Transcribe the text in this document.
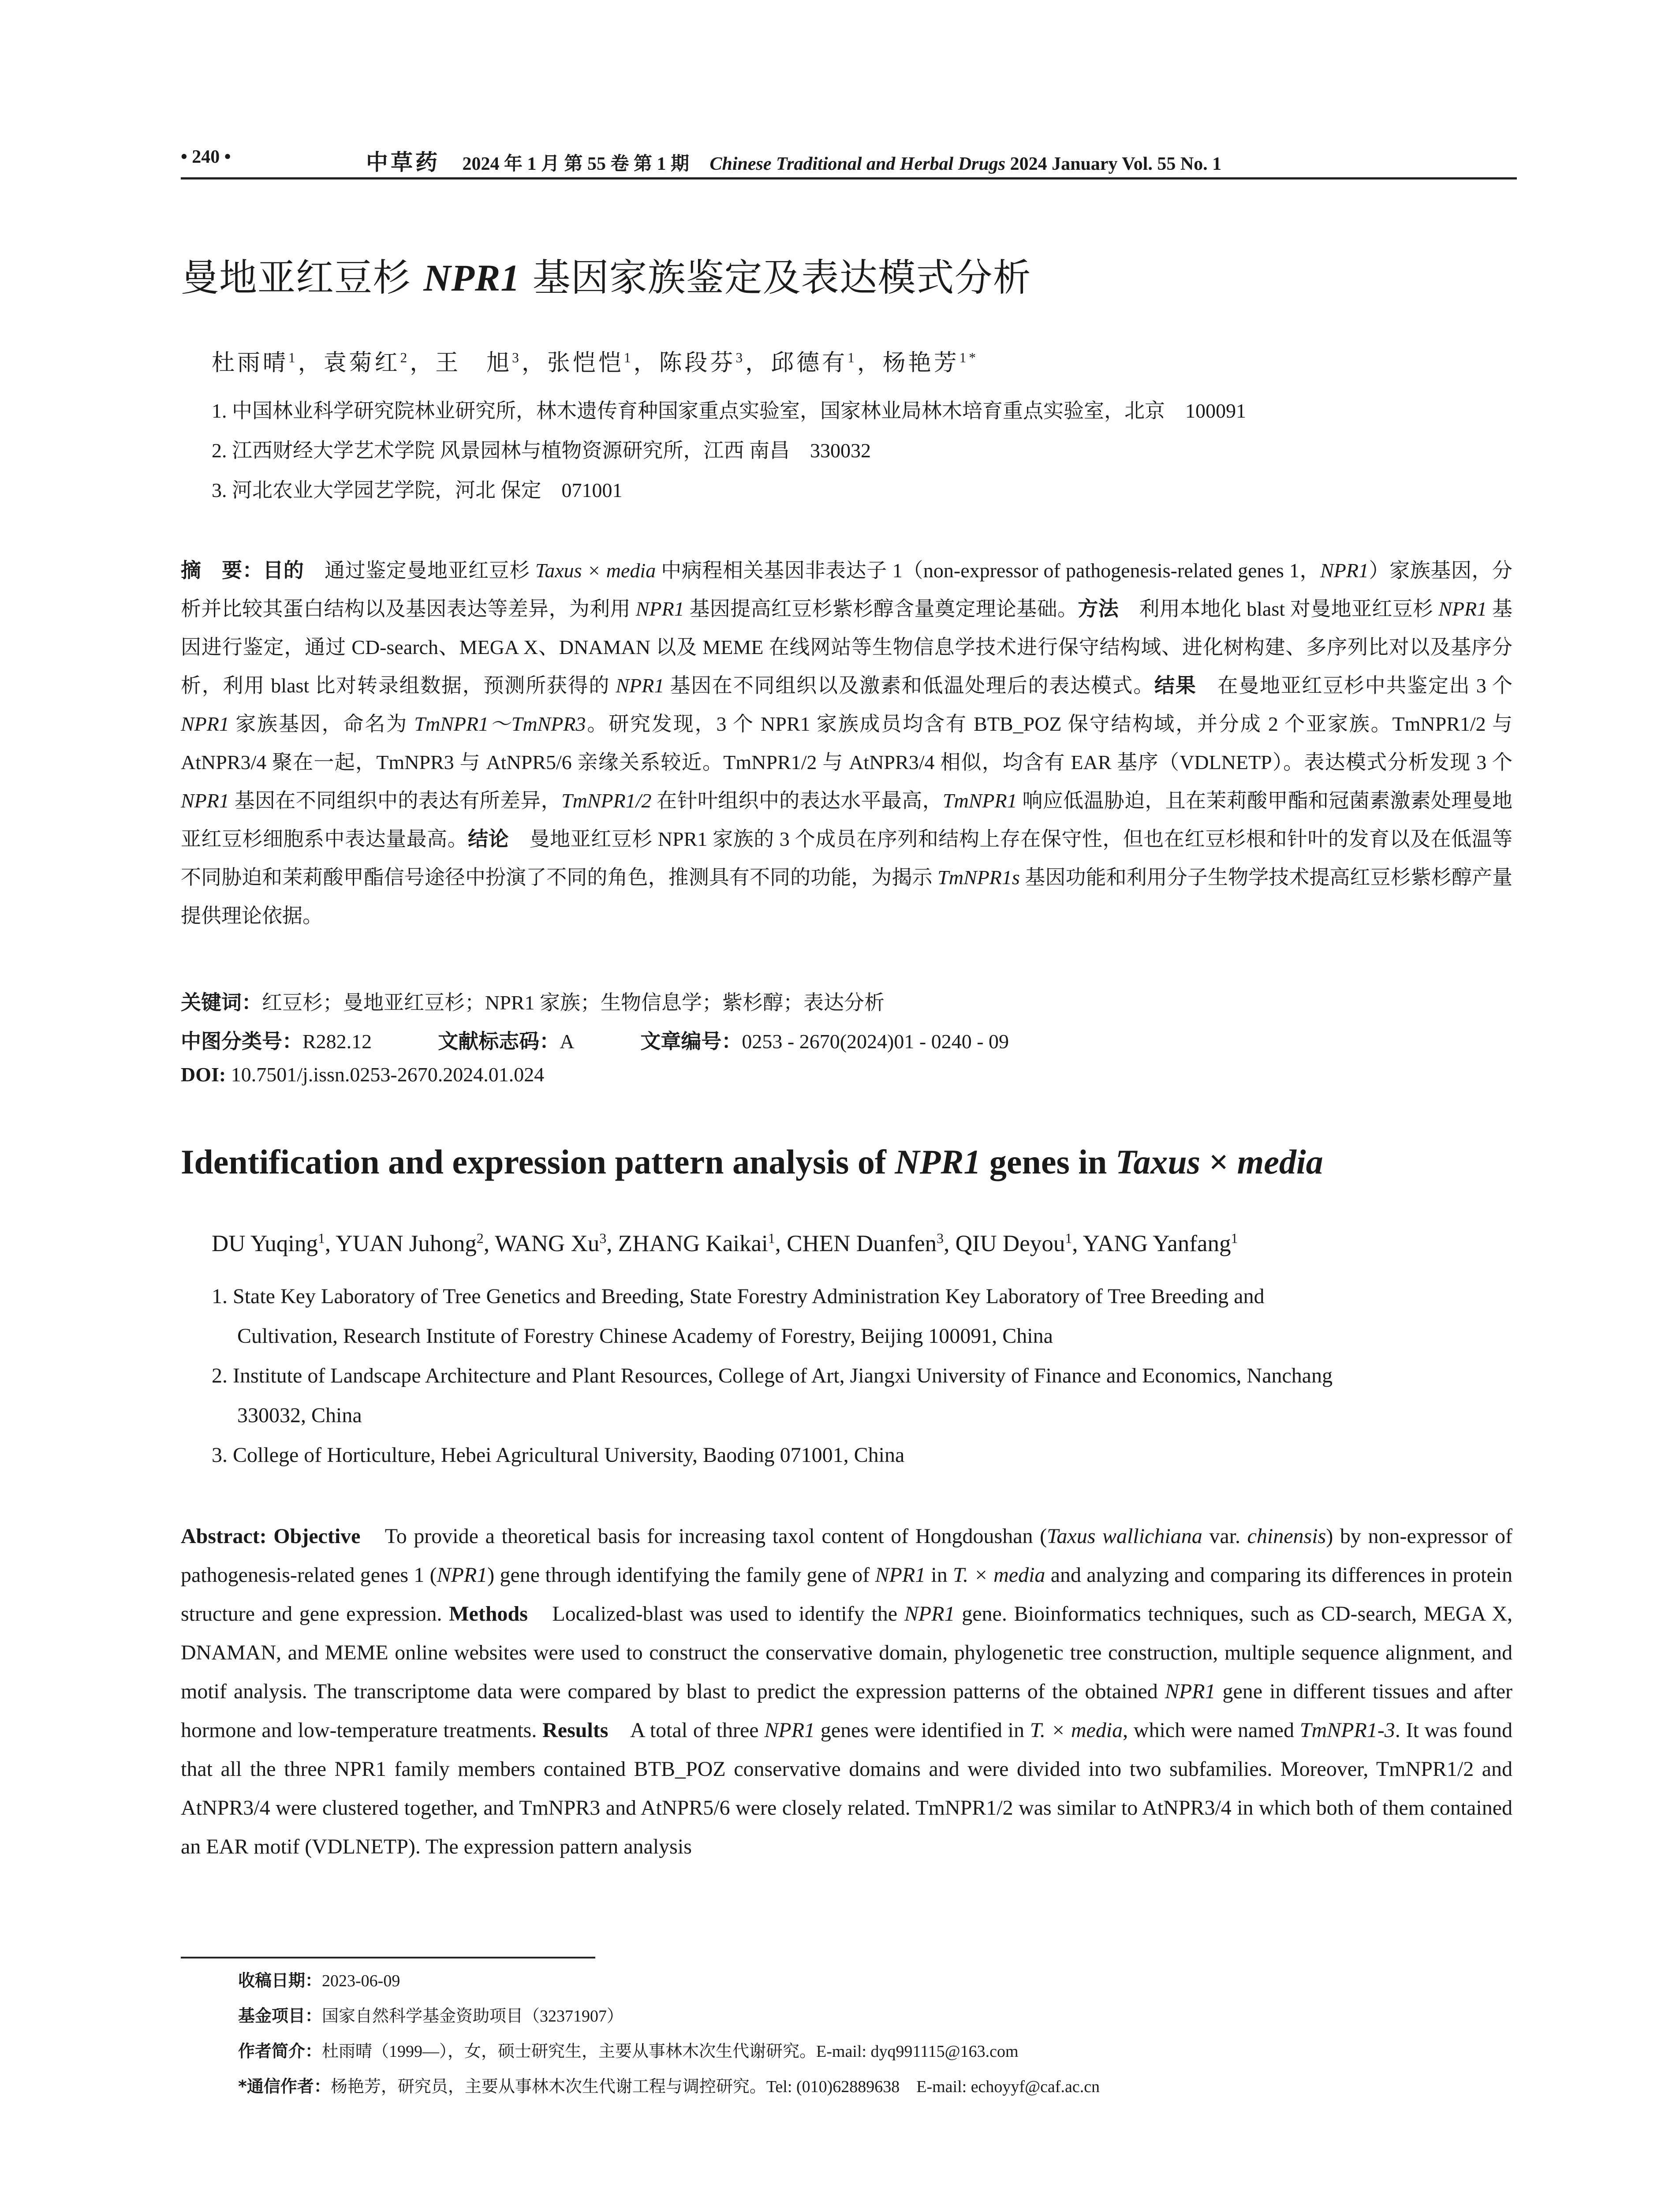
• 240 •	中草药 2024 年 1 月 第 55 卷 第 1 期 Chinese Traditional and Herbal Drugs 2024 January Vol. 55 No. 1
曼地亚红豆杉 NPR1 基因家族鉴定及表达模式分析
杜雨晴$^1$，袁菊红$^2$，王　旭$^3$，张恺恺$^1$，陈段芬$^3$，邱德有$^1$，杨艳芳$^{1*}$
1. 中国林业科学研究院林业研究所，林木遗传育种国家重点实验室，国家林业局林木培育重点实验室，北京　100091
2. 江西财经大学艺术学院 风景园林与植物资源研究所，江西 南昌　330032
3. 河北农业大学园艺学院，河北 保定　071001
摘　要：目的　通过鉴定曼地亚红豆杉 Taxus × media 中病程相关基因非表达子 1（non-expressor of pathogenesis-related genes 1，NPR1）家族基因，分析并比较其蛋白结构以及基因表达等差异，为利用 NPR1 基因提高红豆杉紫杉醇含量奠定理论基础。方法　利用本地化 blast 对曼地亚红豆杉 NPR1 基因进行鉴定，通过 CD-search、MEGA X、DNAMAN 以及 MEME 在线网站等生物信息学技术进行保守结构域、进化树构建、多序列比对以及基序分析，利用 blast 比对转录组数据，预测所获得的 NPR1 基因在不同组织以及激素和低温处理后的表达模式。结果　在曼地亚红豆杉中共鉴定出 3 个 NPR1 家族基因，命名为 TmNPR1～TmNPR3。研究发现，3 个 NPR1 家族成员均含有 BTB_POZ 保守结构域，并分成 2 个亚家族。TmNPR1/2 与 AtNPR3/4 聚在一起，TmNPR3 与 AtNPR5/6 亲缘关系较近。TmNPR1/2 与 AtNPR3/4 相似，均含有 EAR 基序（VDLNETP）。表达模式分析发现 3 个 NPR1 基因在不同组织中的表达有所差异，TmNPR1/2 在针叶组织中的表达水平最高，TmNPR1 响应低温胁迫，且在茉莉酸甲酯和冠菌素激素处理曼地亚红豆杉细胞系中表达量最高。结论　曼地亚红豆杉 NPR1 家族的 3 个成员在序列和结构上存在保守性，但也在红豆杉根和针叶的发育以及在低温等不同胁迫和茉莉酸甲酯信号途径中扮演了不同的角色，推测具有不同的功能，为揭示 TmNPR1s 基因功能和利用分子生物学技术提高红豆杉紫杉醇产量提供理论依据。
关键词：红豆杉；曼地亚红豆杉；NPR1 家族；生物信息学；紫杉醇；表达分析
中图分类号：R282.12	文献标志码：A	文章编号：0253 - 2670(2024)01 - 0240 - 09
DOI: 10.7501/j.issn.0253-2670.2024.01.024
Identification and expression pattern analysis of NPR1 genes in Taxus × media
DU Yuqing$^1$, YUAN Juhong$^2$, WANG Xu$^3$, ZHANG Kaikai$^1$, CHEN Duanfen$^3$, QIU Deyou$^1$, YANG Yanfang$^1$
1. State Key Laboratory of Tree Genetics and Breeding, State Forestry Administration Key Laboratory of Tree Breeding and
Cultivation, Research Institute of Forestry Chinese Academy of Forestry, Beijing 100091, China
2. Institute of Landscape Architecture and Plant Resources, College of Art, Jiangxi University of Finance and Economics, Nanchang
330032, China
3. College of Horticulture, Hebei Agricultural University, Baoding 071001, China
Abstract: Objective　To provide a theoretical basis for increasing taxol content of Hongdoushan (Taxus wallichiana var. chinensis) by non-expressor of pathogenesis-related genes 1 (NPR1) gene through identifying the family gene of NPR1 in T. × media and analyzing and comparing its differences in protein structure and gene expression. Methods　Localized-blast was used to identify the NPR1 gene. Bioinformatics techniques, such as CD-search, MEGA X, DNAMAN, and MEME online websites were used to construct the conservative domain, phylogenetic tree construction, multiple sequence alignment, and motif analysis. The transcriptome data were compared by blast to predict the expression patterns of the obtained NPR1 gene in different tissues and after hormone and low-temperature treatments. Results　A total of three NPR1 genes were identified in T. × media, which were named TmNPR1-3. It was found that all the three NPR1 family members contained BTB_POZ conservative domains and were divided into two subfamilies. Moreover, TmNPR1/2 and AtNPR3/4 were clustered together, and TmNPR3 and AtNPR5/6 were closely related. TmNPR1/2 was similar to AtNPR3/4 in which both of them contained an EAR motif (VDLNETP). The expression pattern analysis
收稿日期：2023-06-09
基金项目：国家自然科学基金资助项目（32371907）
作者简介：杜雨晴（1999—），女，硕士研究生，主要从事林木次生代谢研究。E-mail: dyq991115@163.com
*通信作者：杨艳芳，研究员，主要从事林木次生代谢工程与调控研究。Tel: (010)62889638　E-mail: echoyyf@caf.ac.cn
